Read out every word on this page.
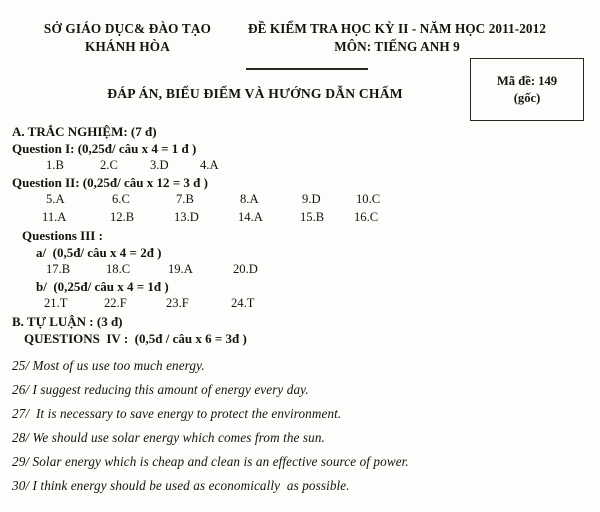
SỞ GIÁO DỤC& ĐÀO TẠO
KHÁNH HÒA
ĐỀ KIỂM TRA HỌC KỲ II - NĂM HỌC 2011-2012
MÔN: TIẾNG ANH 9
ĐÁP ÁN, BIỂU ĐIỂM VÀ HƯỚNG DẪN CHẤM
Mã đề: 149
(gốc)
A. TRẮC NGHIỆM: (7 đ)
Question I: (0,25đ/ câu x 4 = 1 đ )
1.B	2.C	3.D 4.A
Question II: (0,25đ/ câu x 12 = 3 đ )
5.A	6.C	7.B	8.A	9.D	10.C
11.A	12.B	13.D	14.A	15.B 16.C
Questions III :
a/  (0,5đ/ câu x 4 = 2đ )
17.B	18.C	19.A	20.D
b/  (0,25đ/ câu x 4 = 1đ )
21.T	22.F	23.F	24.T
B. TỰ LUẬN : (3 đ)
QUESTIONS  IV :  (0,5đ / câu x 6 = 3đ )
25/ Most of us use too much energy.
26/ I suggest reducing this amount of energy every day.
27/  It is necessary to save energy to protect the environment.
28/ We should use solar energy which comes from the sun.
29/ Solar energy which is cheap and clean is an effective source of power.
30/ I think energy should be used as economically  as possible.
